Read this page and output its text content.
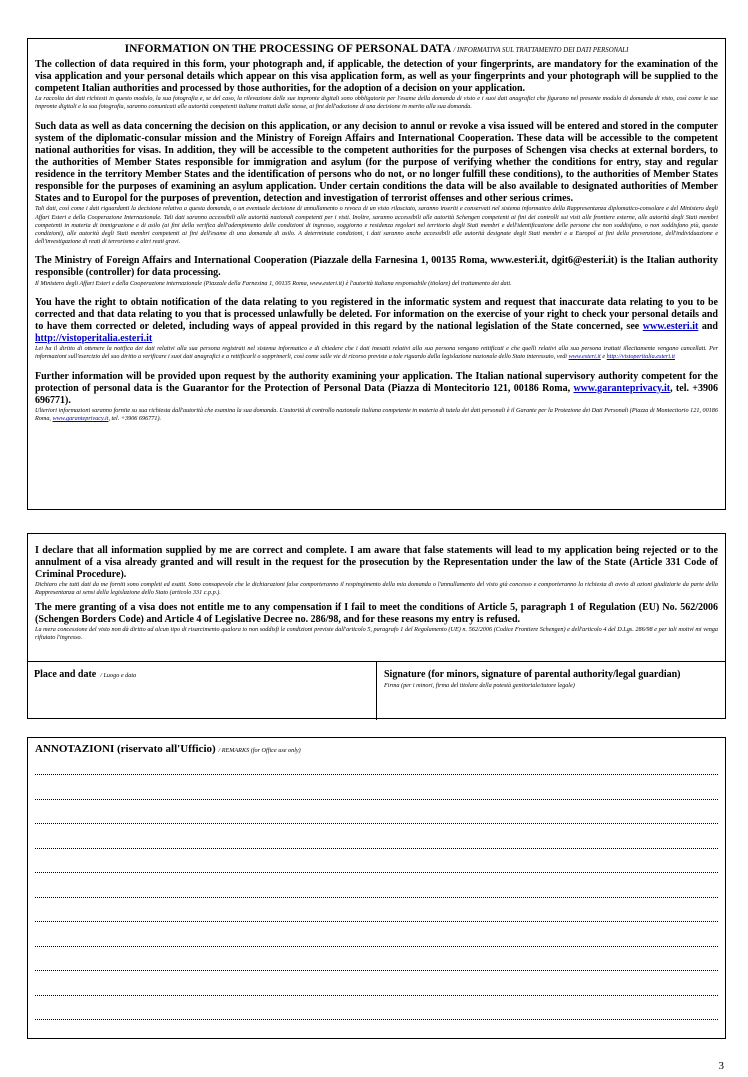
INFORMATION ON THE PROCESSING OF PERSONAL DATA / INFORMATIVA SUL TRATTAMENTO DEI DATI PERSONALI

The collection of data required in this form, your photograph and, if applicable, the detection of your fingerprints, are mandatory for the examination of the visa application and your personal details which appear on this visa application form, as well as your fingerprints and your photograph will be supplied to the competent Italian authorities and processed by those authorities, for the adoption of a decision on your application.

La raccolta dei dati richiesti in questo modulo, la sua fotografia e, se del caso, la rilevazione delle sue impronte digitali sono obbligatorie per l'esame della domanda di visto e i suoi dati anagrafici che figurano nel presente modulo di domanda di visto, così come le sue impronte digitali e la sua fotografia, saranno comunicati alle autorità competenti italiane trattati dalle stesse, ai fini dell'adozione di una decisione in merito alla sua domanda.

Such data as well as data concerning the decision on this application, or any decision to annul or revoke a visa issued will be entered and stored in the computer system of the diplomatic-consular mission and the Ministry of Foreign Affairs and International Cooperation. These data will be accessible to the competent national authorities for visas. In addition, they will be accessible to the competent authorities for the purposes of Schengen visa checks at external borders, to the authorities of Member States responsible for immigration and asylum (for the purpose of verifying whether the conditions for entry, stay and regular residence in the territory Member States and the identification of persons who do not, or no longer fulfill these conditions), to the authorities of Member States responsible for the purposes of examining an asylum application. Under certain conditions the data will be also available to designated authorities of Member States and to Europol for the purposes of prevention, detection and investigation of terrorist offenses and other serious crimes.

Tali dati, così come i dati riguardanti la decisione relativa a questa domanda, o un eventuale decisione di annullamento o revoca di un visto rilasciato, saranno inseriti e conservati nel sistema informatico della Rappresentanza diplomatico-consolare e del Ministero degli Affari Esteri e della Cooperazione Internazionale. Tali dati saranno accessibili alle autorità nazionali competenti per i visti. Inoltre, saranno accessibili alle autorità Schengen competenti ai fini dei controlli sui visti alle frontiere esterne, alle autorità degli Stati membri competenti in materia di immigrazione e di asilo (ai fini della verifica dell'adempimento delle condizioni di ingresso, soggiorno e residenza regolari nel territorio degli Stati membri e dell'identificazione delle persone che non soddisfano, o non soddisfano più, queste condizioni), alle autorità degli Stati membri competenti ai fini dell'esame di una domanda di asilo. A determinate condizioni, i dati saranno anche accessibili alle autorità designate degli Stati membri e a Europol ai fini della prevenzione, dell'individuazione e dell'investigazione di reati di terrorismo e altri reati gravi.

The Ministry of Foreign Affairs and International Cooperation (Piazzale della Farnesina 1, 00135 Roma, www.esteri.it, dgit6@esteri.it) is the Italian authority responsible (controller) for data processing.

Il Ministero degli Affari Esteri e della Cooperazione internazionale (Piazzale della Farnesina 1, 00135 Roma, www.esteri.it) è l'autorità italiana responsabile (titolare) del trattamento dei dati.

You have the right to obtain notification of the data relating to you registered in the informatic system and request that inaccurate data relating to you to be corrected and that data relating to you that is processed unlawfully be deleted. For information on the exercise of your right to check your personal details and to have them corrected or deleted, including ways of appeal provided in this regard by the national legislation of the State concerned, see www.esteri.it and http://vistoperitalia.esteri.it

Lei ha il diritto di ottenere la notifica dei dati relativi alla sua persona registrati nel sistema informatico e di chiedere che i dati inesatti relativi alla sua persona vengano rettificati e che quelli relativi alla sua persona trattati illecitamente vengano cancellati. Per informazioni sull'esercizio del suo diritto a verificare i suoi dati anagrafici e a rettificarli o sopprimerli, così come sulle vie di ricorso previste a tale riguardo dalla legislazione nazionale dello Stato interessato, vedi www.esteri.it e http://vistoperitalia.esteri.it

Further information will be provided upon request by the authority examining your application. The Italian national supervisory authority competent for the protection of personal data is the Guarantor for the Protection of Personal Data (Piazza di Montecitorio 121, 00186 Roma, www.garanteprivacy.it, tel. +3906 696771).

Ulteriori informazioni saranno fornite su sua richiesta dall'autorità che esamina la sua domanda. L'autorità di controllo nazionale italiana competente in materia di tutela dei dati personali è il Garante per la Protezione dei Dati Personali (Piazza di Montecitorio 121, 00186 Roma, www.garanteprivacy.it, tel. +3906 696771).

I declare that all information supplied by me are correct and complete. I am aware that false statements will lead to my application being rejected or to the annulment of a visa already granted and will result in the request for the prosecution by the Representation under the law of the State (Article 331 Code of Criminal Procedure).

Dichiaro che tutti dati da me forniti sono completi ed esatti. Sono consapevole che le dichiarazioni false comporteranno il respingimento della mia domanda o l'annullamento del visto già concesso e comporteranno la richiesta di avvio di azioni giudiziarie da parte della Rappresentanza ai sensi della legislazione dello Stato (articolo 331 c.p.p.).

The mere granting of a visa does not entitle me to any compensation if I fail to meet the conditions of Article 5, paragraph 1 of Regulation (EU) No. 562/2006 (Schengen Borders Code) and Article 4 of Legislative Decree no. 286/98, and for these reasons my entry is refused.

La mera concessione del visto non dà diritto ad alcun tipo di risarcimento qualora io non soddisfi le condizioni previste dall'articolo 5, paragrafo 1 del Regolamento (UE) n. 562/2006 (Codice Frontiere Schengen) e dell'articolo 4 del D.Lgs. 286/98 e per tali motivi mi venga rifiutato l'ingresso.

Place and date / Luogo e data	Signature (for minors, signature of parental authority/legal guardian)
Firma (per i minori, firma del titolare della potestà genitoriale/tutore legale)
ANNOTAZIONI (riservato all'Ufficio) / REMARKS (for Office use only)
3
